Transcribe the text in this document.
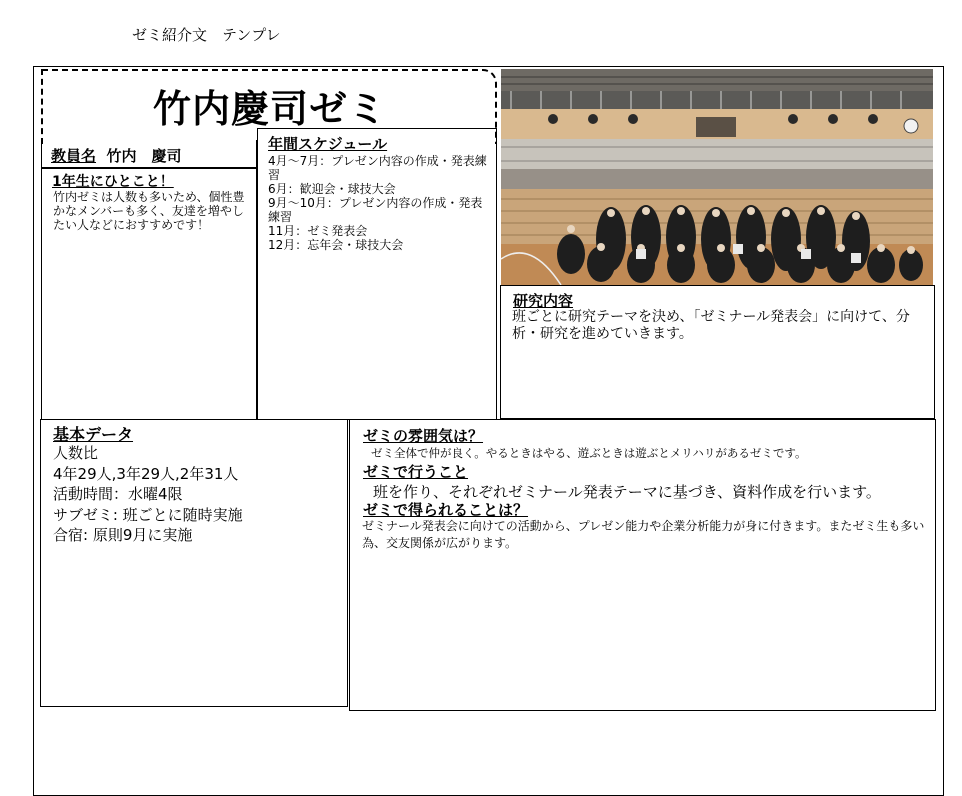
ゼミ紹介文　テンプレ
竹内慶司ゼミ
教員名 竹内　慶司
1年生にひとこと！
竹内ゼミは人数も多いため、個性豊かなメンバーも多く、友達を増やしたい人などにおすすめです！
年間スケジュール
4月～7月：プレゼン内容の作成・発表練習
6月：歓迎会・球技大会
9月～10月：プレゼン内容の作成・発表練習
11月：ゼミ発表会
12月：忘年会・球技大会
研究内容
班ごとに研究テーマを決め、「ゼミナール発表会」に向けて、分析・研究を進めていきます。
基本データ
人数比
4年29人,3年29人,2年31人
活動時間：水曜4限
サブゼミ: 班ごとに随時実施
合宿: 原則9月に実施
ゼミの雰囲気は？
ゼミ全体で仲が良く。やるときはやる、遊ぶときは遊ぶとメリハリがあるゼミです。
ゼミで行うこと
班を作り、それぞれゼミナール発表テーマに基づき、資料作成を行います。
ゼミで得られることは？
ゼミナール発表会に向けての活動から、プレゼン能力や企業分析能力が身に付きます。またゼミ生も多い為、交友関係が広がります。
